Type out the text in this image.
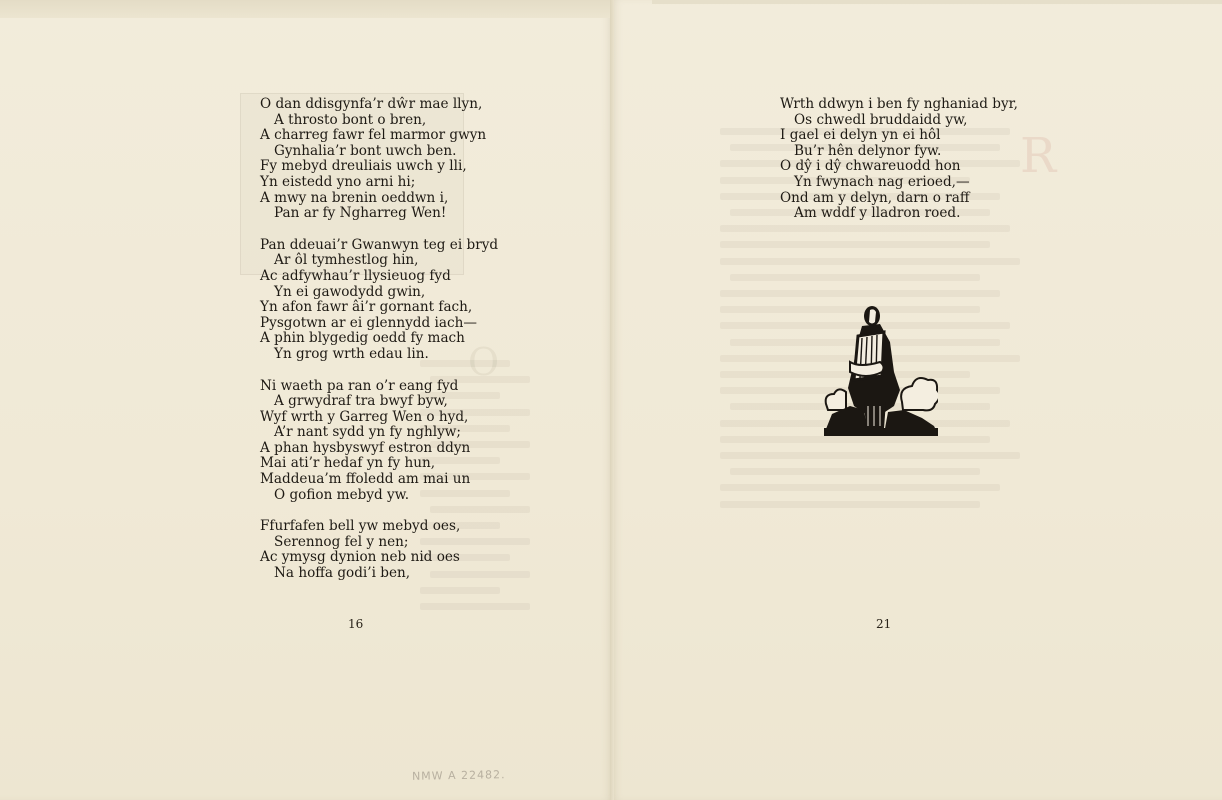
R
O
O dan ddisgynfa’r dŵr mae llyn,
A throsto bont o bren,
A charreg fawr fel marmor gwyn
Gynhalia’r bont uwch ben.
Fy mebyd dreuliais uwch y lli,
Yn eistedd yno arni hi;
A mwy na brenin oeddwn i,
Pan ar fy Ngharreg Wen!
Pan ddeuai’r Gwanwyn teg ei bryd
Ar ôl tymhestlog hin,
Ac adfywhau’r llysieuog fyd
Yn ei gawodydd gwin,
Yn afon fawr âi’r gornant fach,
Pysgotwn ar ei glennydd iach—
A phin blygedig oedd fy mach
Yn grog wrth edau lin.
Ni waeth pa ran o’r eang fyd
A grwydraf tra bwyf byw,
Wyf wrth y Garreg Wen o hyd,
A’r nant sydd yn fy nghlyw;
A phan hysbyswyf estron ddyn
Mai ati’r hedaf yn fy hun,
Maddeua’m ffoledd am mai un
O gofion mebyd yw.
Ffurfafen bell yw mebyd oes,
Serennog fel y nen;
Ac ymysg dynion neb nid oes
Na hoffa godi’i ben,
Wrth ddwyn i ben fy nghaniad byr,
Os chwedl bruddaidd yw,
I gael ei delyn yn ei hôl
Bu’r hên delynor fyw.
O dŷ i dŷ chwareuodd hon
Yn fwynach nag erioed,—
Ond am y delyn, darn o raff
Am wddf y lladron roed.
16	21
NMW A 22482.
